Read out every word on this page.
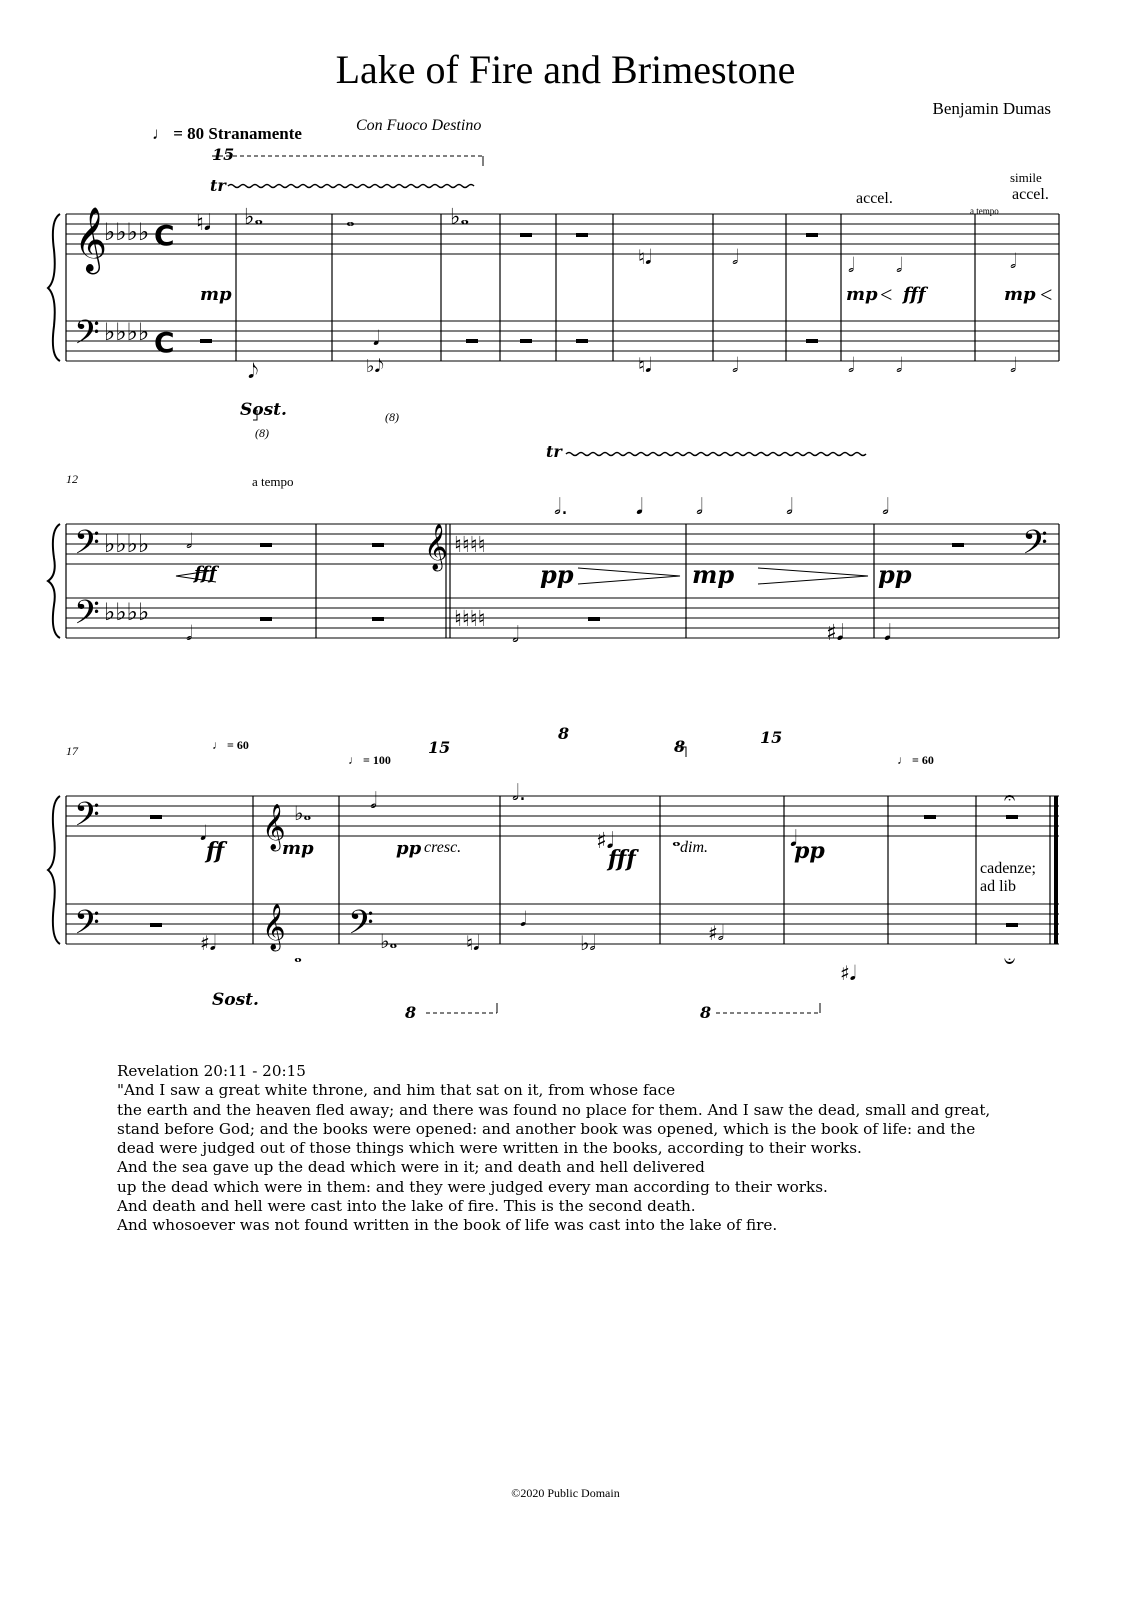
Lake of Fire and Brimestone
Benjamin Dumas
♩ = 80 Stranamente	Con Fuoco Destino
𝄞
𝄢
♭♭♭♭
♭♭♭♭
C
C
♮𝅘𝅥 ♭𝅝	𝅝	♭𝅝
♮𝅘𝅥	𝅗𝅥	𝅗𝅥 𝅗𝅥	𝅗𝅥
𝅘𝅥𝅮
𝅘𝅥
♭𝅘𝅥𝅮	♮𝅘𝅥	𝅗𝅥	𝅗𝅥 𝅗𝅥	𝅗𝅥
𝄢
𝄢
♭♭♭♭
♭♭♭♭
𝅗𝅥
𝅗𝅥
𝄞 ♮♮♮♮
♮♮♮♮
𝅗𝅥.	𝅘𝅥 𝅗𝅥	𝅗𝅥	𝅗𝅥
𝄢
𝅗𝅥	♯𝅘𝅥 𝅘𝅥
𝄢
𝄢
𝅘𝅥 𝄞 ♭𝅝	𝅗𝅥	𝅗𝅥.
♯𝅘𝅥	𝅝	𝅘𝅥
𝄐
♯𝅘𝅥 𝄞
𝅝
𝄢 ♭𝅝	♮𝅘𝅥
𝅘𝅥
♭𝅗𝅥	♯𝅗𝅥
♯𝅘𝅥	𝄑
15
tr
accel.
simile
accel.
a tempo
mp	mp < fff	mp <
Sost.
(8)
(8)
12	a tempo
tr
fff	pp	mp	pp
17	♩ = 60
♩ = 100	♩ = 60
15
8
8	15
ff	mp	pp cresc.	fff	dim.	pp
cadenze;
ad lib
Sost.
8	8
Revelation 20:11 - 20:15
"And I saw a great white throne, and him that sat on it, from whose face
the earth and the heaven fled away; and there was found no place for them. And I saw the dead, small and great,
stand before God; and the books were opened: and another book was opened, which is the book of life: and the
dead were judged out of those things which were written in the books, according to their works.
And the sea gave up the dead which were in it; and death and hell delivered
up the dead which were in them: and they were judged every man according to their works.
And death and hell were cast into the lake of fire. This is the second death.
And whosoever was not found written in the book of life was cast into the lake of fire.
©2020 Public Domain
